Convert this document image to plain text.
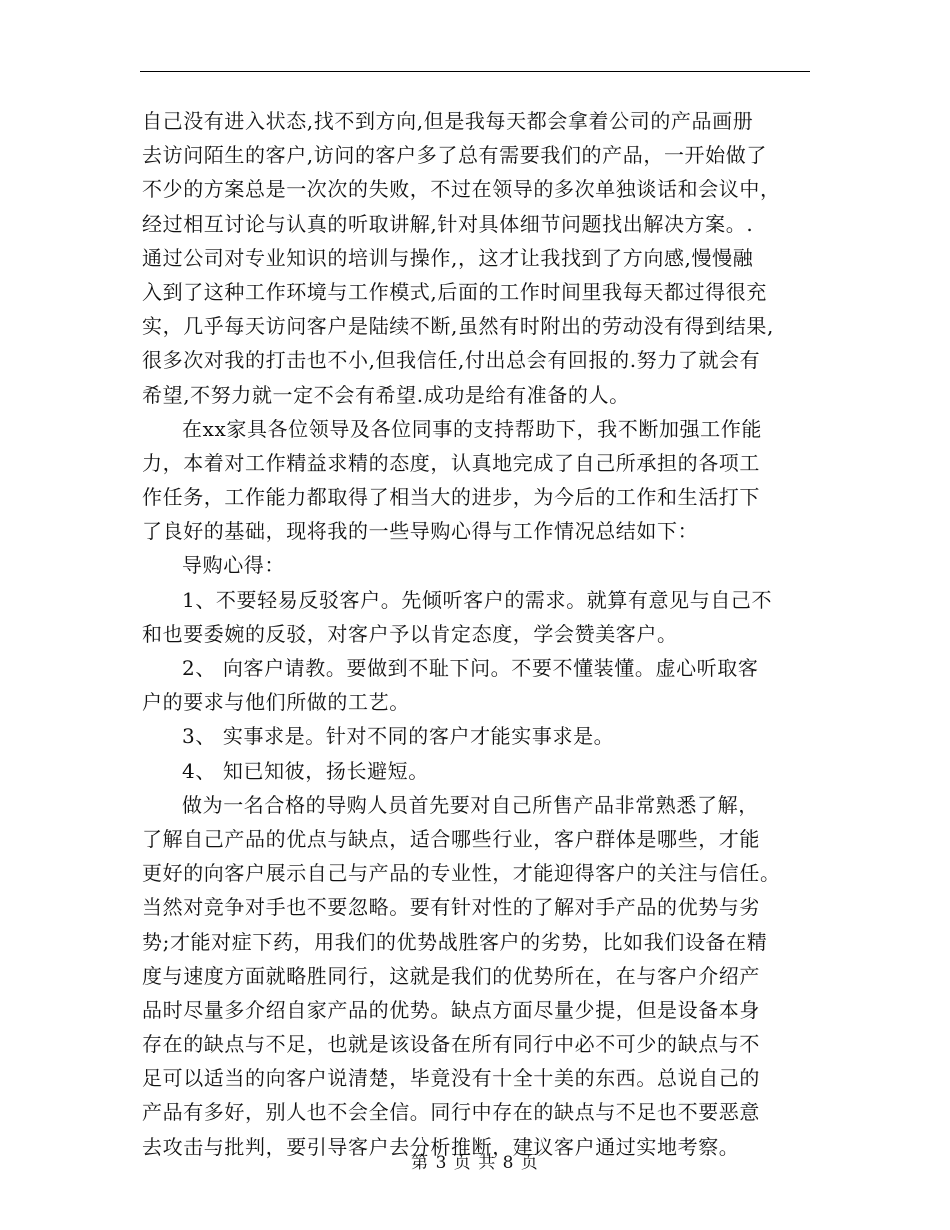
自己没有进入状态,找不到方向,但是我每天都会拿着公司的产品画册
去访问陌生的客户,访问的客户多了总有需要我们的产品，一开始做了
不少的方案总是一次次的失败，不过在领导的多次单独谈话和会议中，
经过相互讨论与认真的听取讲解,针对具体细节问题找出解决方案。.
通过公司对专业知识的培训与操作,，这才让我找到了方向感,慢慢融
入到了这种工作环境与工作模式,后面的工作时间里我每天都过得很充
实，几乎每天访问客户是陆续不断,虽然有时附出的劳动没有得到结果,
很多次对我的打击也不小,但我信任,付出总会有回报的.努力了就会有
希望,不努力就一定不会有希望.成功是给有准备的人。
在xx家具各位领导及各位同事的支持帮助下，我不断加强工作能
力，本着对工作精益求精的态度，认真地完成了自己所承担的各项工
作任务，工作能力都取得了相当大的进步，为今后的工作和生活打下
了良好的基础，现将我的一些导购心得与工作情况总结如下：
导购心得：
1、不要轻易反驳客户。先倾听客户的需求。就算有意见与自己不
和也要委婉的反驳，对客户予以肯定态度，学会赞美客户。
2、 向客户请教。要做到不耻下问。不要不懂装懂。虚心听取客
户的要求与他们所做的工艺。
3、 实事求是。针对不同的客户才能实事求是。
4、 知已知彼，扬长避短。
做为一名合格的导购人员首先要对自己所售产品非常熟悉了解，
了解自己产品的优点与缺点，适合哪些行业，客户群体是哪些，才能
更好的向客户展示自己与产品的专业性，才能迎得客户的关注与信任。
当然对竞争对手也不要忽略。要有针对性的了解对手产品的优势与劣
势;才能对症下药，用我们的优势战胜客户的劣势，比如我们设备在精
度与速度方面就略胜同行，这就是我们的优势所在，在与客户介绍产
品时尽量多介绍自家产品的优势。缺点方面尽量少提，但是设备本身
存在的缺点与不足，也就是该设备在所有同行中必不可少的缺点与不
足可以适当的向客户说清楚，毕竟没有十全十美的东西。总说自己的
产品有多好，别人也不会全信。同行中存在的缺点与不足也不要恶意
去攻击与批判，要引导客户去分析推断，建议客户通过实地考察。
第 3 页 共 8 页
